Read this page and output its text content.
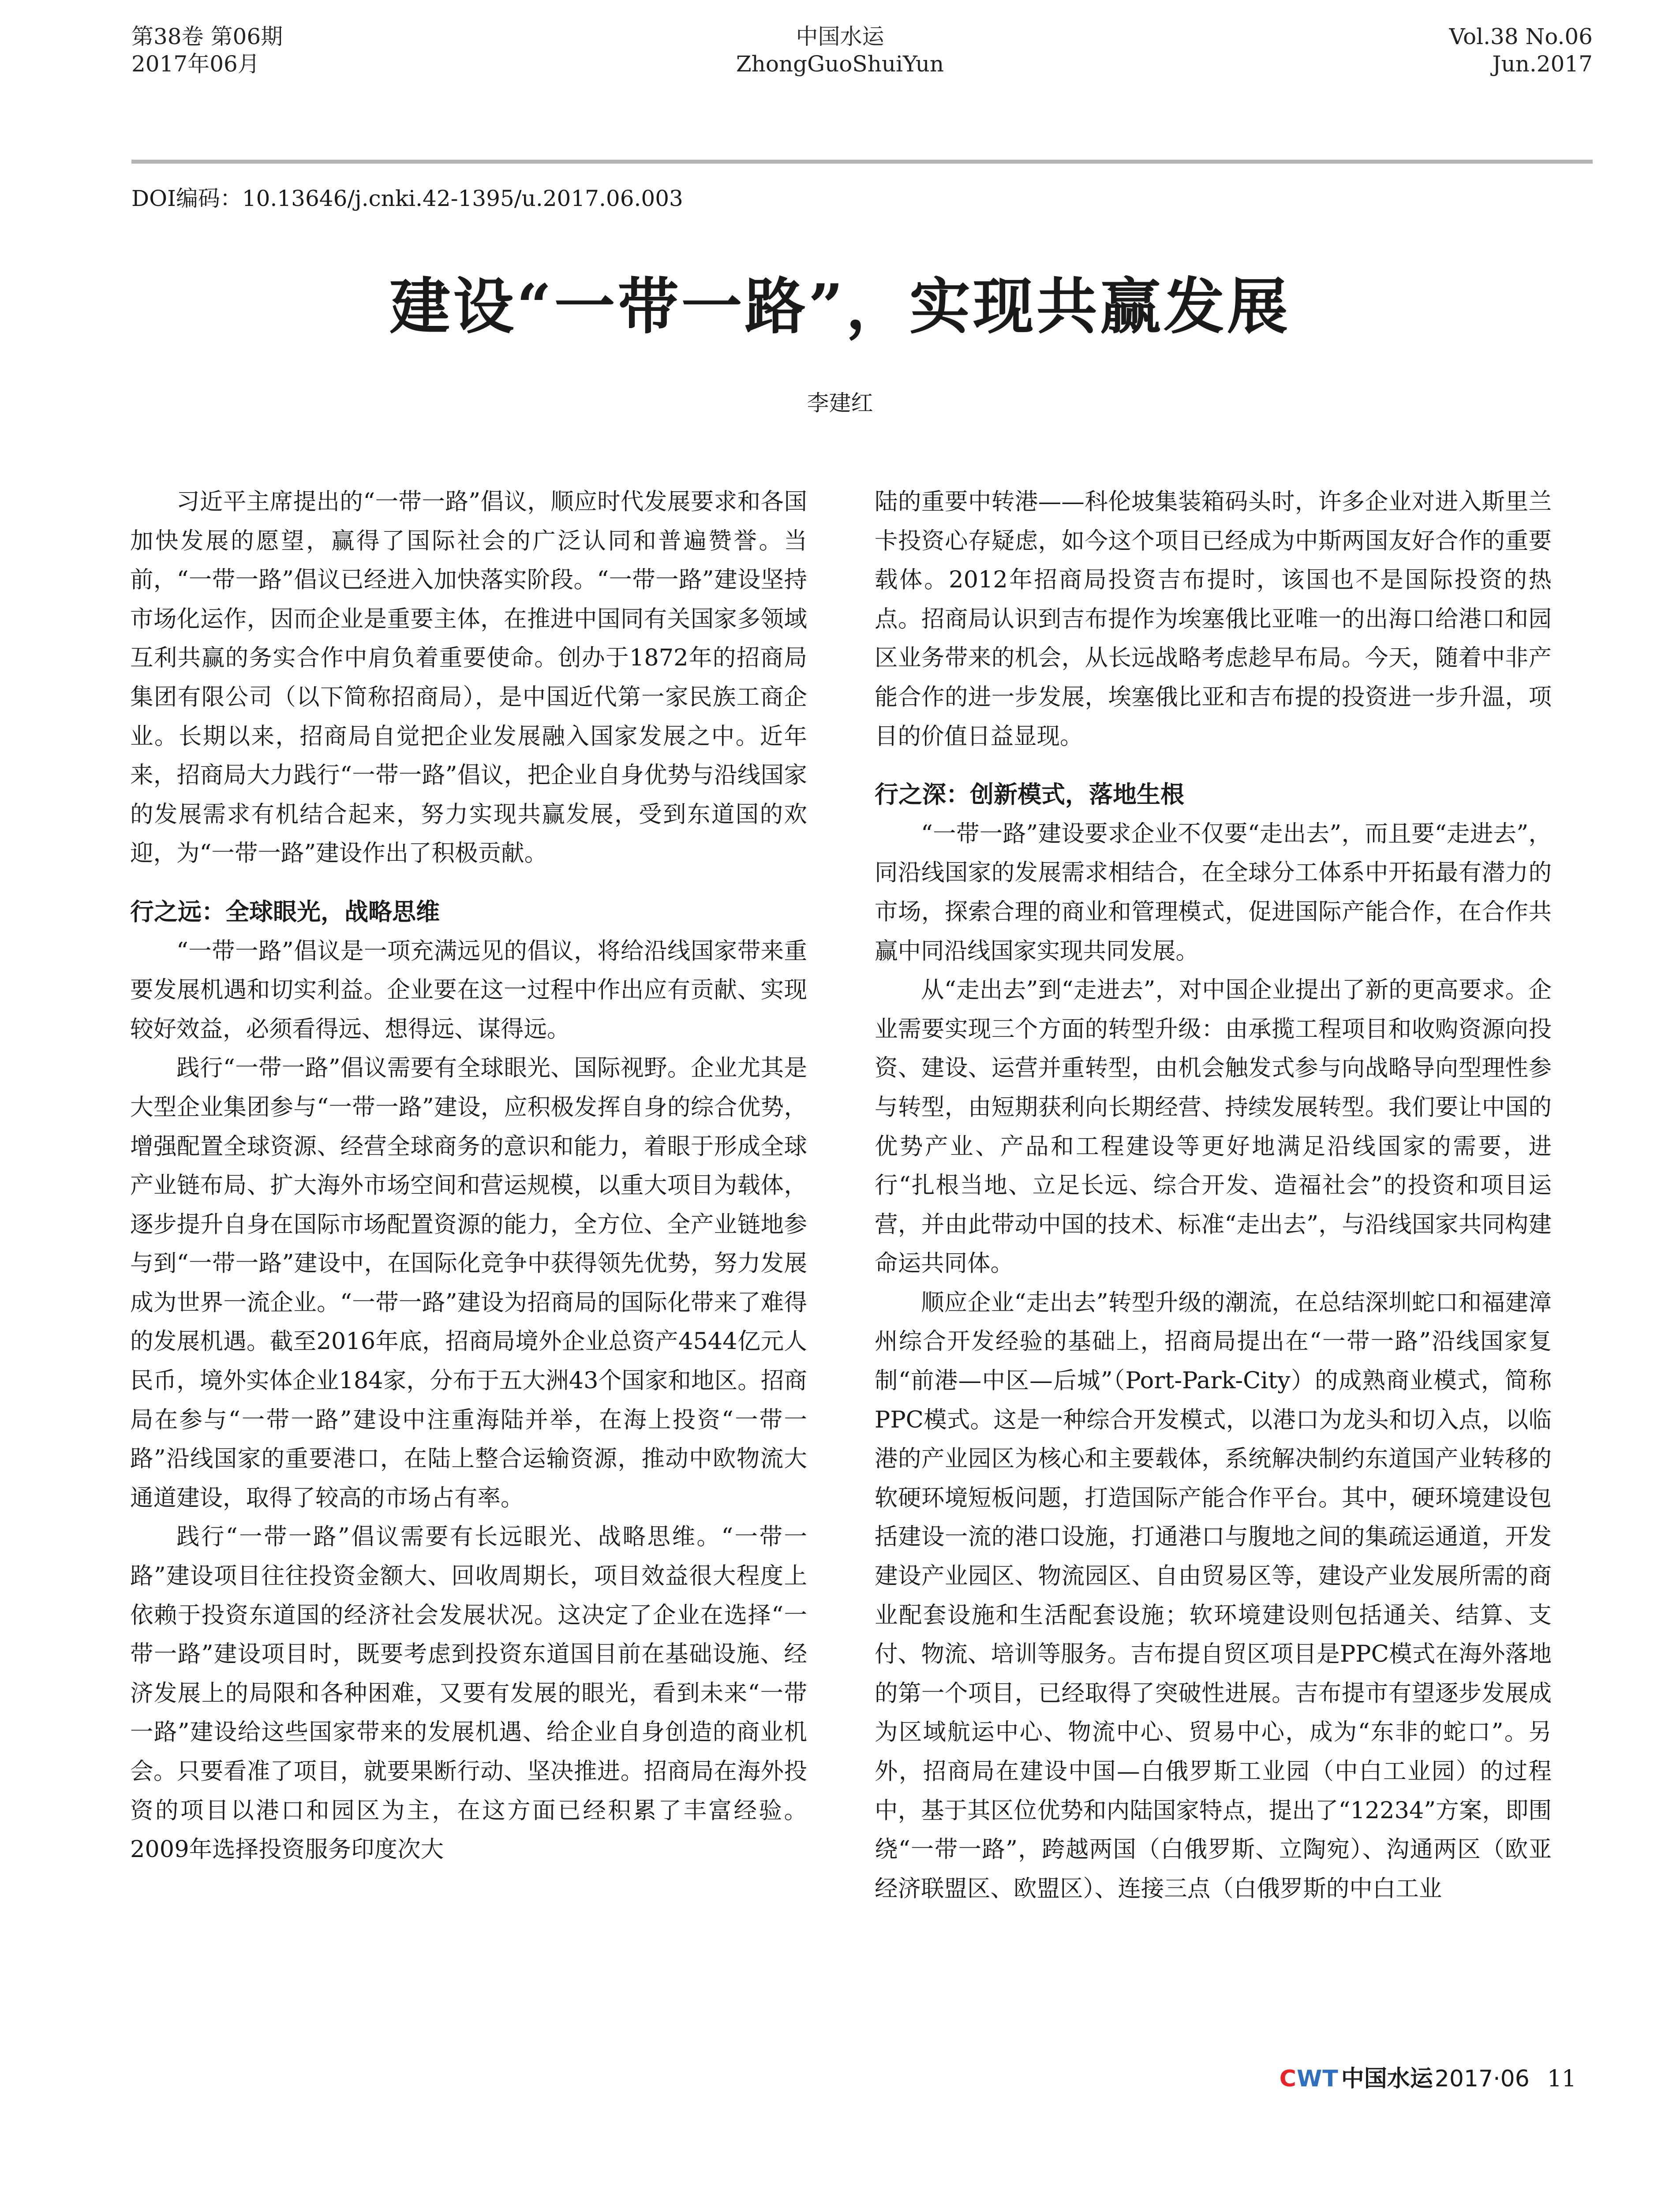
第38卷 第06期
2017年06月
中国水运
ZhongGuoShuiYun
Vol.38 No.06
Jun.2017
DOI编码：10.13646/j.cnki.42-1395/u.2017.06.003
建设“一带一路”，实现共赢发展
李建红

习近平主席提出的“一带一路”倡议，顺应时代发展要求和各国加快发展的愿望，赢得了国际社会的广泛认同和普遍赞誉。当前，“一带一路”倡议已经进入加快落实阶段。“一带一路”建设坚持市场化运作，因而企业是重要主体，在推进中国同有关国家多领域互利共赢的务实合作中肩负着重要使命。创办于1872年的招商局集团有限公司（以下简称招商局），是中国近代第一家民族工商企业。长期以来，招商局自觉把企业发展融入国家发展之中。近年来，招商局大力践行“一带一路”倡议，把企业自身优势与沿线国家的发展需求有机结合起来，努力实现共赢发展，受到东道国的欢迎，为“一带一路”建设作出了积极贡献。

行之远：全球眼光，战略思维

“一带一路”倡议是一项充满远见的倡议，将给沿线国家带来重要发展机遇和切实利益。企业要在这一过程中作出应有贡献、实现较好效益，必须看得远、想得远、谋得远。

践行“一带一路”倡议需要有全球眼光、国际视野。企业尤其是大型企业集团参与“一带一路”建设，应积极发挥自身的综合优势，增强配置全球资源、经营全球商务的意识和能力，着眼于形成全球产业链布局、扩大海外市场空间和营运规模，以重大项目为载体，逐步提升自身在国际市场配置资源的能力，全方位、全产业链地参与到“一带一路”建设中，在国际化竞争中获得领先优势，努力发展成为世界一流企业。“一带一路”建设为招商局的国际化带来了难得的发展机遇。截至2016年底，招商局境外企业总资产4544亿元人民币，境外实体企业184家，分布于五大洲43个国家和地区。招商局在参与“一带一路”建设中注重海陆并举，在海上投资“一带一路”沿线国家的重要港口，在陆上整合运输资源，推动中欧物流大通道建设，取得了较高的市场占有率。

践行“一带一路”倡议需要有长远眼光、战略思维。“一带一路”建设项目往往投资金额大、回收周期长，项目效益很大程度上依赖于投资东道国的经济社会发展状况。这决定了企业在选择“一带一路”建设项目时，既要考虑到投资东道国目前在基础设施、经济发展上的局限和各种困难，又要有发展的眼光，看到未来“一带一路”建设给这些国家带来的发展机遇、给企业自身创造的商业机会。只要看准了项目，就要果断行动、坚决推进。招商局在海外投资的项目以港口和园区为主，在这方面已经积累了丰富经验。2009年选择投资服务印度次大

陆的重要中转港——科伦坡集装箱码头时，许多企业对进入斯里兰卡投资心存疑虑，如今这个项目已经成为中斯两国友好合作的重要载体。2012年招商局投资吉布提时，该国也不是国际投资的热点。招商局认识到吉布提作为埃塞俄比亚唯一的出海口给港口和园区业务带来的机会，从长远战略考虑趁早布局。今天，随着中非产能合作的进一步发展，埃塞俄比亚和吉布提的投资进一步升温，项目的价值日益显现。

行之深：创新模式，落地生根

“一带一路”建设要求企业不仅要“走出去”，而且要“走进去”，同沿线国家的发展需求相结合，在全球分工体系中开拓最有潜力的市场，探索合理的商业和管理模式，促进国际产能合作，在合作共赢中同沿线国家实现共同发展。

从“走出去”到“走进去”，对中国企业提出了新的更高要求。企业需要实现三个方面的转型升级：由承揽工程项目和收购资源向投资、建设、运营并重转型，由机会触发式参与向战略导向型理性参与转型，由短期获利向长期经营、持续发展转型。我们要让中国的优势产业、产品和工程建设等更好地满足沿线国家的需要，进行“扎根当地、立足长远、综合开发、造福社会”的投资和项目运营，并由此带动中国的技术、标准“走出去”，与沿线国家共同构建命运共同体。

顺应企业“走出去”转型升级的潮流，在总结深圳蛇口和福建漳州综合开发经验的基础上，招商局提出在“一带一路”沿线国家复制“前港—中区—后城”（Port-Park-City）的成熟商业模式，简称PPC模式。这是一种综合开发模式，以港口为龙头和切入点，以临港的产业园区为核心和主要载体，系统解决制约东道国产业转移的软硬环境短板问题，打造国际产能合作平台。其中，硬环境建设包括建设一流的港口设施，打通港口与腹地之间的集疏运通道，开发建设产业园区、物流园区、自由贸易区等，建设产业发展所需的商业配套设施和生活配套设施；软环境建设则包括通关、结算、支付、物流、培训等服务。吉布提自贸区项目是PPC模式在海外落地的第一个项目，已经取得了突破性进展。吉布提市有望逐步发展成为区域航运中心、物流中心、贸易中心，成为“东非的蛇口”。另外，招商局在建设中国—白俄罗斯工业园（中白工业园）的过程中，基于其区位优势和内陆国家特点，提出了“12234”方案，即围绕“一带一路”，跨越两国（白俄罗斯、立陶宛）、沟通两区（欧亚经济联盟区、欧盟区）、连接三点（白俄罗斯的中白工业

CWT 中国水运2017·06 11
